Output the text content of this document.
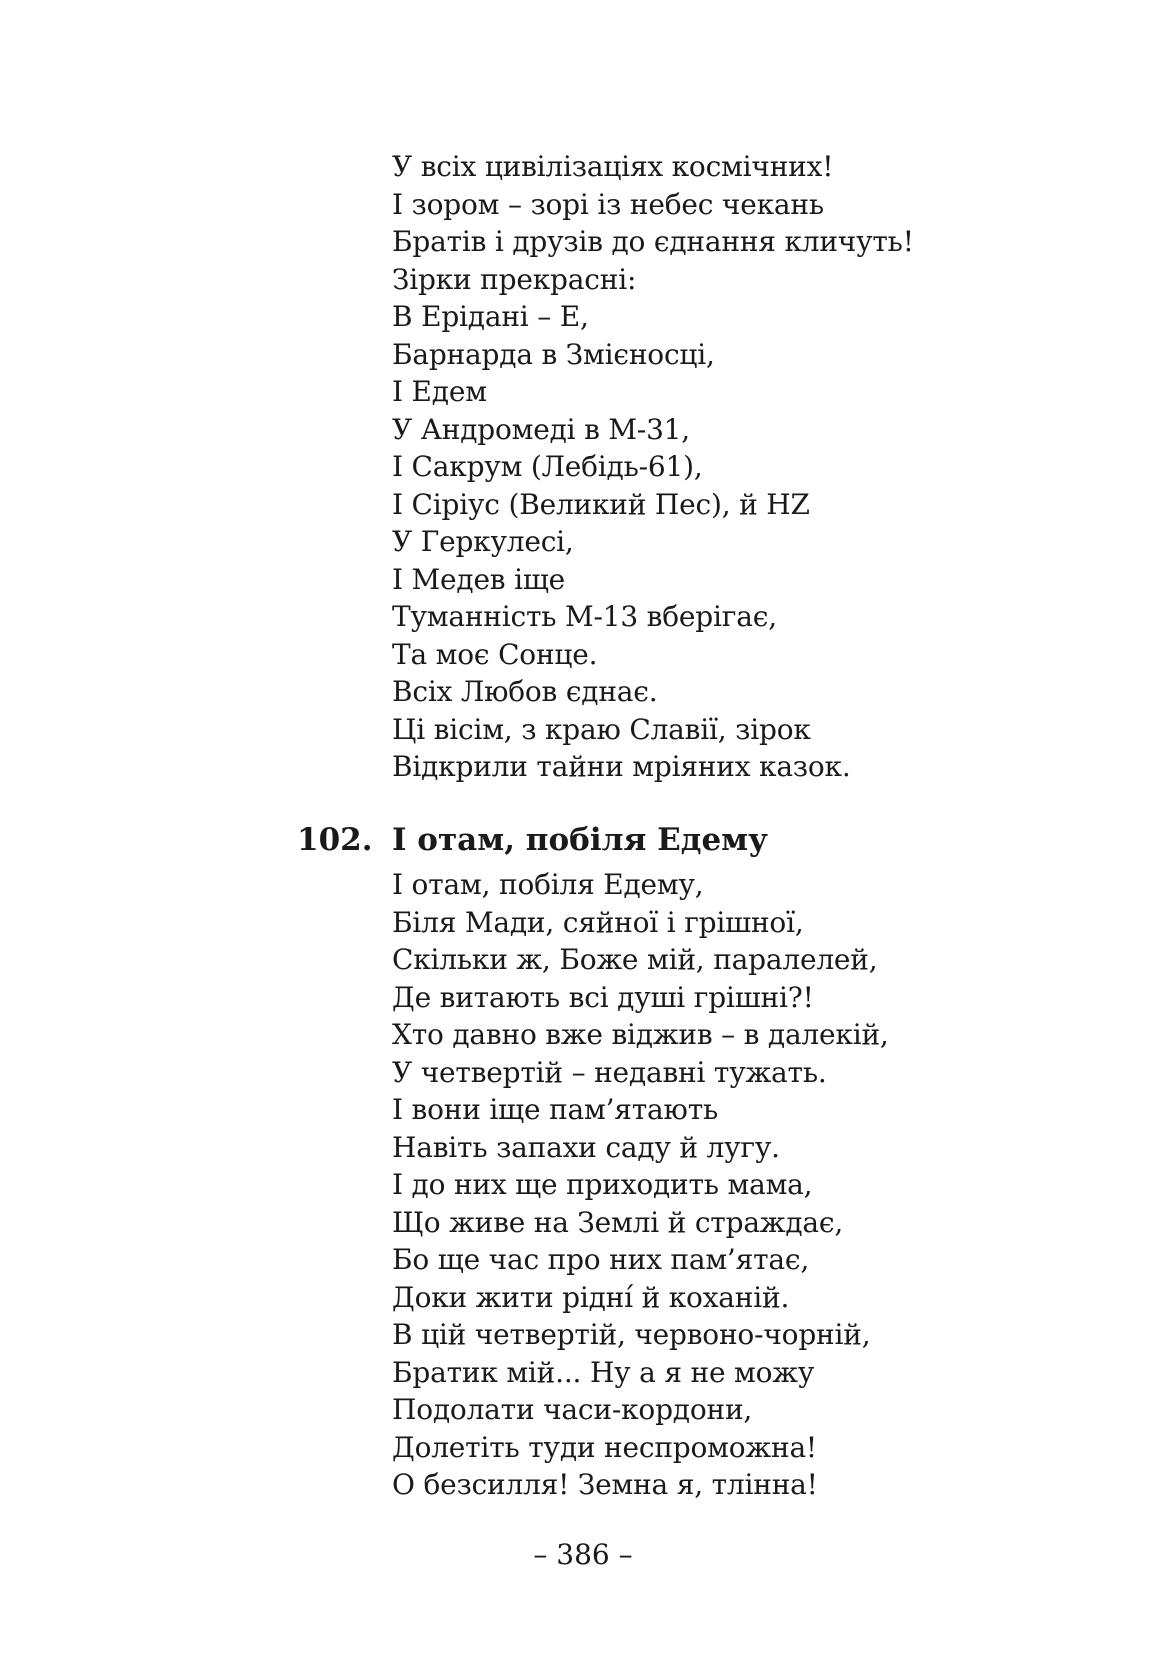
У всіх цивілізаціях космічних!
І зором – зорі із небес чекань
Братів і друзів до єднання кличуть!
Зірки прекрасні:
В Ерідані – Е,
Барнарда в Змієносці,
І Едем
У Андромеді в М-31,
І Сакрум (Лебідь-61),
І Сіріус (Великий Пес), й HZ
У Геркулесі,
І Медев іще
Туманність М-13 вберігає,
Та моє Сонце.
Всіх Любов єднає.
Ці вісім, з краю Славії, зірок
Відкрили тайни мріяних казок.
102. І отам, побіля Едему
І отам, побіля Едему,
Біля Мади, сяйної і грішної,
Скільки ж, Боже мій, паралелей,
Де витають всі душі грішні?!
Хто давно вже віджив – в далекій,
У четвертій – недавні тужать.
І вони іще пам’ятають
Навіть запахи саду й лугу.
І до них ще приходить мама,
Що живе на Землі й страждає,
Бо ще час про них пам’ятає,
Доки жити рідні́ й коханій.
В цій четвертій, червоно-чорній,
Братик мій... Ну а я не можу
Подолати часи-кордони,
Долетіть туди неспроможна!
О безсилля! Земна я, тлінна!
– 386 –
